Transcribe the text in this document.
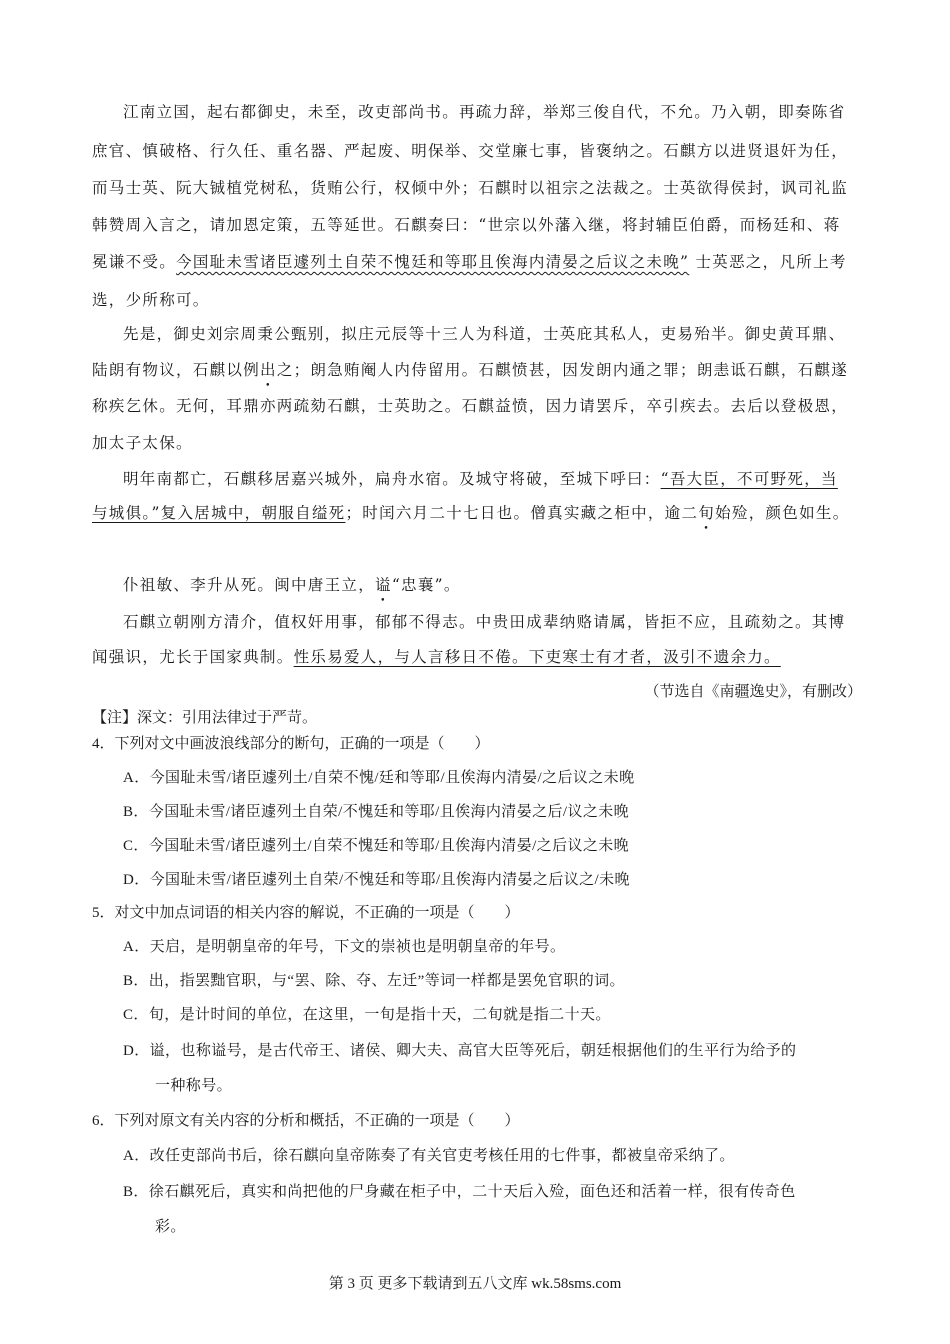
江南立国，起右都御史，未至，改吏部尚书。再疏力辞，举郑三俊自代，不允。乃入朝，即奏陈省
庶官、慎破格、行久任、重名器、严起废、明保举、交堂廉七事，皆褒纳之。石麒方以进贤退奸为任，
而马士英、阮大铖植党树私，货贿公行，权倾中外；石麒时以祖宗之法裁之。士英欲得侯封，讽司礼监
韩赞周入言之，请加恩定策，五等延世。石麒奏曰：“世宗以外藩入继，将封辅臣伯爵，而杨廷和、蒋
冕谦不受。今国耻未雪诸臣遽列土自荣不愧廷和等耶且俟海内清晏之后议之未晚” 士英恶之，凡所上考
选，少所称可。
先是，御史刘宗周秉公甄别，拟庄元辰等十三人为科道，士英庇其私人，吏易殆半。御史黄耳鼎、
陆朗有物议，石麒以例出之；朗急贿阉人内侍留用。石麒愤甚，因发朗内通之罪；朗恚诋石麒，石麒遂
称疾乞休。无何，耳鼎亦两疏劾石麒，士英助之。石麒益愤，因力请罢斥，卒引疾去。去后以登极恩，
加太子太保。
明年南都亡，石麒移居嘉兴城外，扁舟水宿。及城守将破，至城下呼曰：“吾大臣，不可野死，当
与城俱。”复入居城中，朝服自缢死；时闰六月二十七日也。僧真实藏之柜中，逾二旬始殓，颜色如生。
仆祖敏、李升从死。闽中唐王立，谥“忠襄”。
石麒立朝刚方清介，值权奸用事，郁郁不得志。中贵田成辈纳赂请属，皆拒不应，且疏劾之。其博
闻强识，尤长于国家典制。性乐易爱人，与人言移日不倦。下吏寒士有才者，汲引不遗余力。
（节选自《南疆逸史》，有删改）
【注】深文：引用法律过于严苛。
4．下列对文中画波浪线部分的断句，正确的一项是（　　）
A．今国耻未雪/诸臣遽列土/自荣不愧/廷和等耶/且俟海内清晏/之后议之未晚
B．今国耻未雪/诸臣遽列土自荣/不愧廷和等耶/且俟海内清晏之后/议之未晚
C．今国耻未雪/诸臣遽列土/自荣不愧廷和等耶/且俟海内清晏/之后议之未晚
D．今国耻未雪/诸臣遽列土自荣/不愧廷和等耶/且俟海内清晏之后议之/未晚
5．对文中加点词语的相关内容的解说，不正确的一项是（　　）
A．天启，是明朝皇帝的年号，下文的崇祯也是明朝皇帝的年号。
B．出，指罢黜官职，与“罢、除、夺、左迁”等词一样都是罢免官职的词。
C．旬，是计时间的单位，在这里，一旬是指十天，二旬就是指二十天。
D．谥，也称谥号，是古代帝王、诸侯、卿大夫、高官大臣等死后，朝廷根据他们的生平行为给予的
一种称号。
6．下列对原文有关内容的分析和概括，不正确的一项是（　　）
A．改任吏部尚书后，徐石麒向皇帝陈奏了有关官吏考核任用的七件事，都被皇帝采纳了。
B．徐石麒死后，真实和尚把他的尸身藏在柜子中，二十天后入殓，面色还和活着一样，很有传奇色
彩。
第 3 页 更多下载请到五八文库 wk.58sms.com
